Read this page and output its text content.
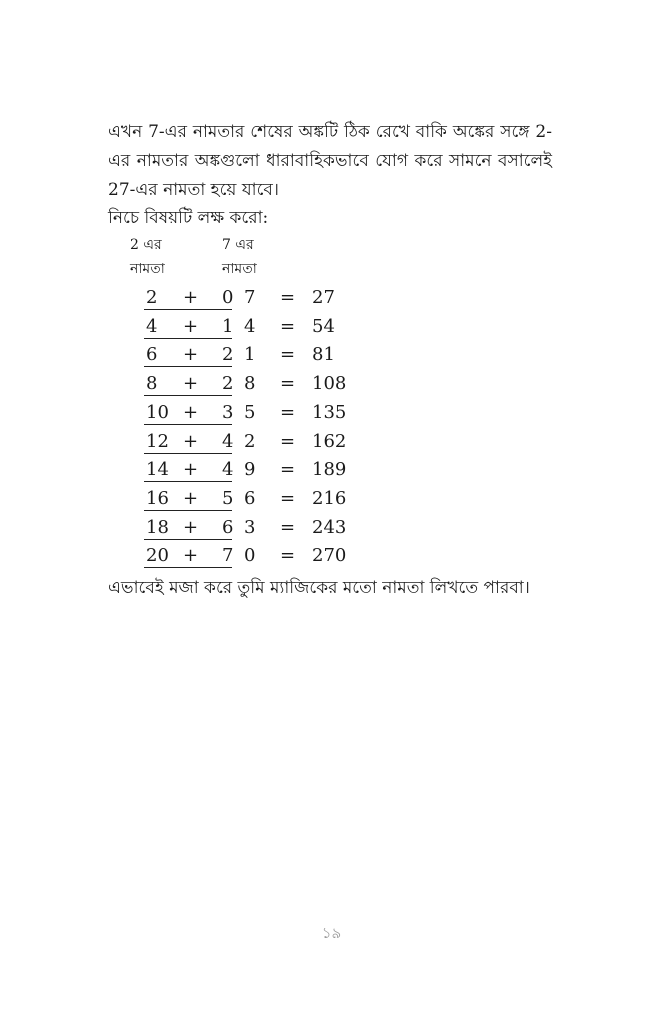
এখন 7-এর নামতার শেষের অঙ্কটি ঠিক রেখে বাকি অঙ্কের সঙ্গে 2-এর নামতার অঙ্কগুলো ধারাবাহিকভাবে যোগ করে সামনে বসালেই 27-এর নামতা হয়ে যাবে।
নিচে বিষয়টি লক্ষ করো:
2 এর
নামতা
7 এর
নামতা
2 + 0 7 = 27
4 + 1 4 = 54
6 + 2 1 = 81
8 + 2 8 = 108
10 + 3 5 = 135
12 + 4 2 = 162
14 + 4 9 = 189
16 + 5 6 = 216
18 + 6 3 = 243
20 + 7 0 = 270
এভাবেই মজা করে তুমি ম্যাজিকের মতো নামতা লিখতে পারবা।
১৯
